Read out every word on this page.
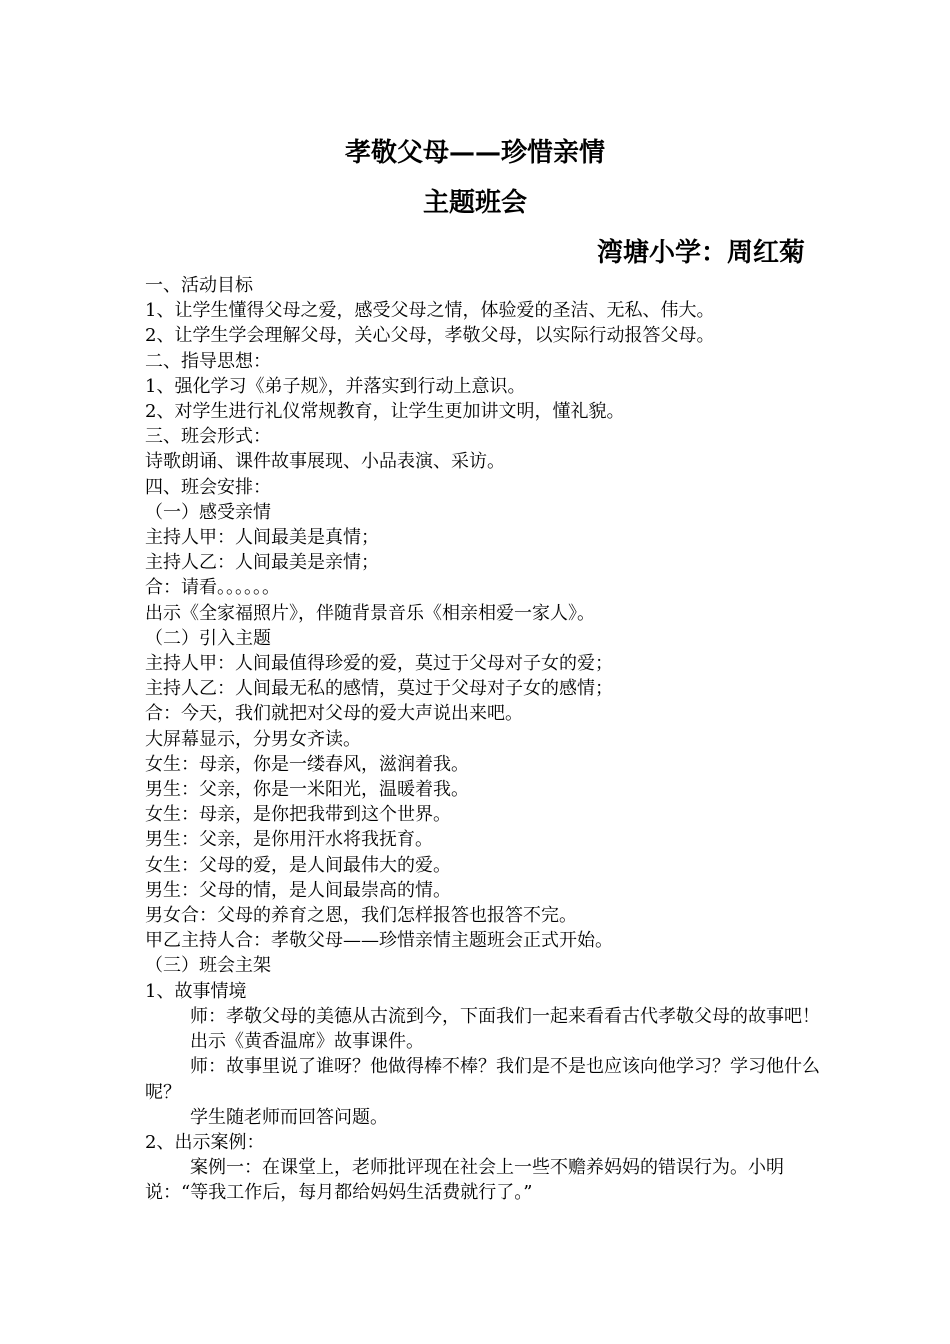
孝敬父母——珍惜亲情
主题班会
湾塘小学：周红菊

一、活动目标

1、让学生懂得父母之爱，感受父母之情，体验爱的圣洁、无私、伟大。

2、让学生学会理解父母，关心父母，孝敬父母，以实际行动报答父母。

二、指导思想：

1、强化学习《弟子规》，并落实到行动上意识。

2、对学生进行礼仪常规教育，让学生更加讲文明，懂礼貌。

三、班会形式：

诗歌朗诵、课件故事展现、小品表演、采访。

四、班会安排：

（一）感受亲情

主持人甲：人间最美是真情；

主持人乙：人间最美是亲情；

合：请看。。。。。。

出示《全家福照片》，伴随背景音乐《相亲相爱一家人》。

（二）引入主题

主持人甲：人间最值得珍爱的爱，莫过于父母对子女的爱；

主持人乙：人间最无私的感情，莫过于父母对子女的感情；

合：今天，我们就把对父母的爱大声说出来吧。

大屏幕显示，分男女齐读。

女生：母亲，你是一缕春风，滋润着我。

男生：父亲，你是一米阳光，温暖着我。

女生：母亲，是你把我带到这个世界。

男生：父亲，是你用汗水将我抚育。

女生：父母的爱，是人间最伟大的爱。

男生：父母的情，是人间最崇高的情。

男女合：父母的养育之恩，我们怎样报答也报答不完。

甲乙主持人合：孝敬父母——珍惜亲情主题班会正式开始。

（三）班会主架

1、故事情境

师：孝敬父母的美德从古流到今，下面我们一起来看看古代孝敬父母的故事吧！

出示《黄香温席》故事课件。

师：故事里说了谁呀？他做得棒不棒？我们是不是也应该向他学习？学习他什么呢？

学生随老师而回答问题。

2、出示案例：

案例一：在课堂上，老师批评现在社会上一些不赡养妈妈的错误行为。小明说：“等我工作后，每月都给妈妈生活费就行了。”
